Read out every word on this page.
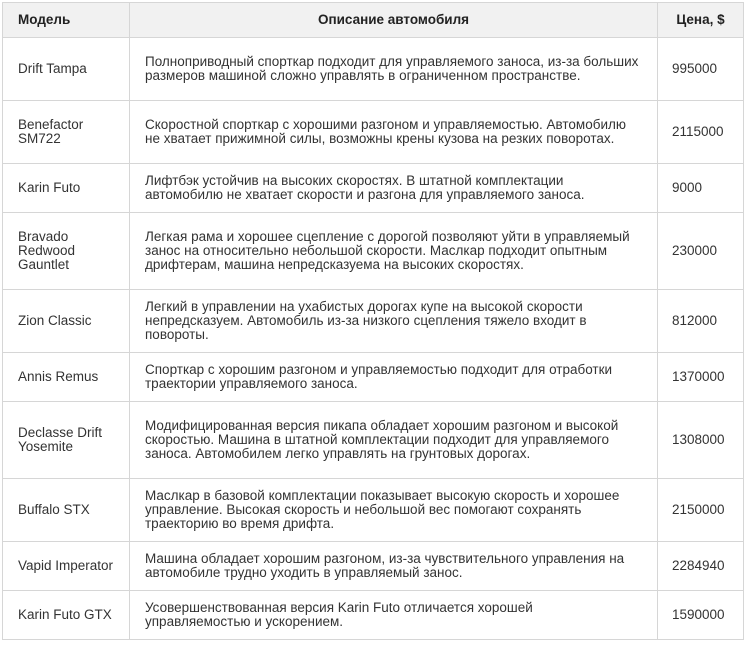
Модель	Описание автомобиля	Цена, $
Drift Tampa	Полноприводный спорткар подходит для управляемого заноса, из-за больших размеров машиной сложно управлять в ограниченном пространстве.	995000
Benefactor SM722	Скоростной спорткар с хорошими разгоном и управляемостью. Автомобилю не хватает прижимной силы, возможны крены кузова на резких поворотах.	2115000
Karin Futo	Лифтбэк устойчив на высоких скоростях. В штатной комплектации автомобилю не хватает скорости и разгона для управляемого заноса.	9000
Bravado Redwood Gauntlet	Легкая рама и хорошее сцепление с дорогой позволяют уйти в управляемый занос на относительно небольшой скорости. Маслкар подходит опытным дрифтерам, машина непредсказуема на высоких скоростях.	230000
Zion Classic	Легкий в управлении на ухабистых дорогах купе на высокой скорости непредсказуем. Автомобиль из-за низкого сцепления тяжело входит в повороты.	812000
Annis Remus	Спорткар с хорошим разгоном и управляемостью подходит для отработки траектории управляемого заноса.	1370000
Declasse Drift Yosemite	Модифицированная версия пикапа обладает хорошим разгоном и высокой скоростью. Машина в штатной комплектации подходит для управляемого заноса. Автомобилем легко управлять на грунтовых дорогах.	1308000
Buffalo STX	Маслкар в базовой комплектации показывает высокую скорость и хорошее управление. Высокая скорость и небольшой вес помогают сохранять траекторию во время дрифта.	2150000
Vapid Imperator	Машина обладает хорошим разгоном, из-за чувствительного управления на автомобиле трудно уходить в управляемый занос.	2284940
Karin Futo GTX	Усовершенствованная версия Karin Futo отличается хорошей управляемостью и ускорением.	1590000
